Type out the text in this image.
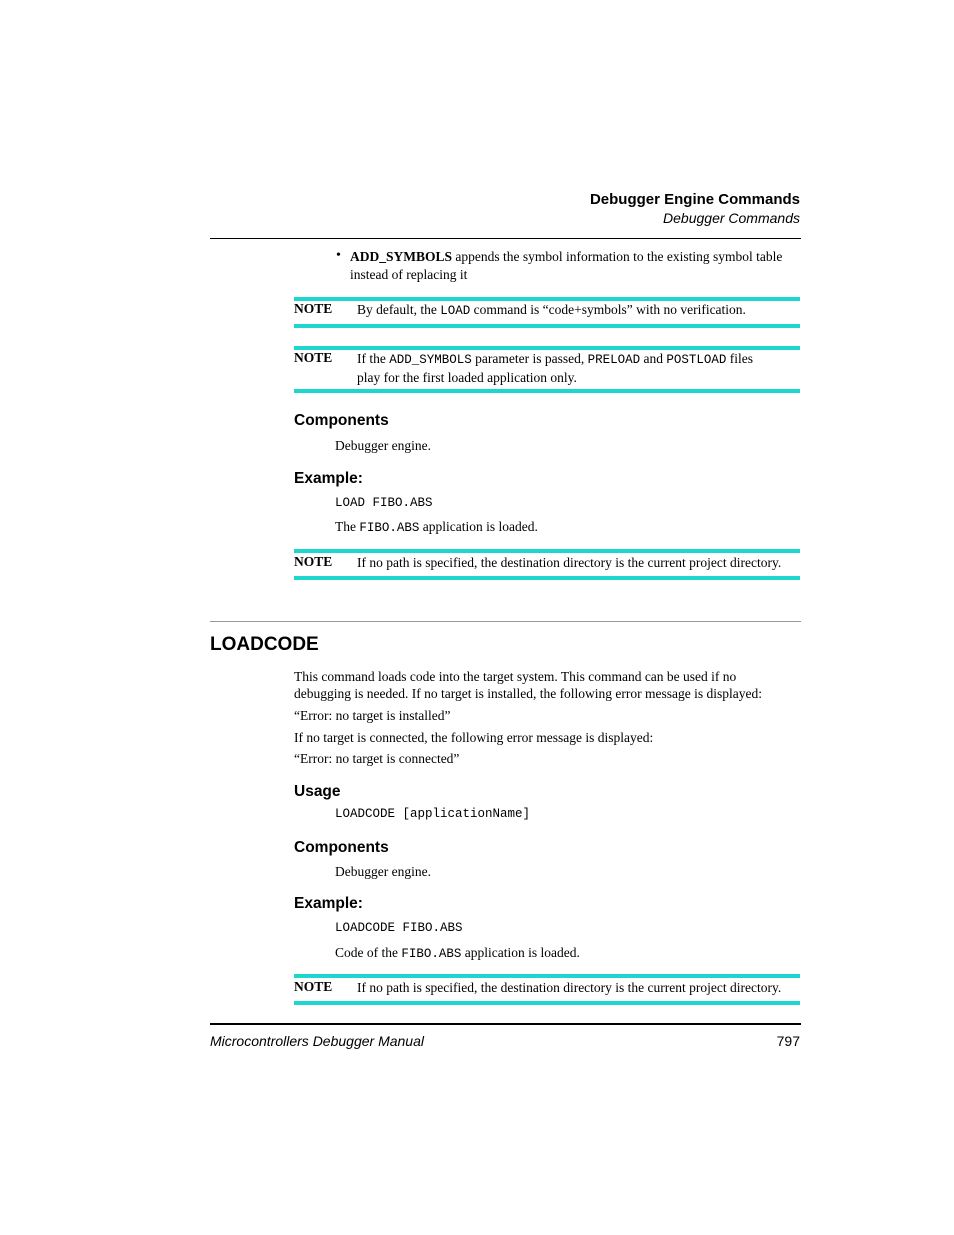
Debugger Engine Commands
Debugger Commands
• ADD_SYMBOLS appends the symbol information to the existing symbol table
instead of replacing it
NOTE By default, the LOAD command is “code+symbols” with no verification.
NOTE If the ADD_SYMBOLS parameter is passed, PRELOAD and POSTLOAD files
play for the first loaded application only.
Components
Debugger engine.
Example:
LOAD FIBO.ABS
The FIBO.ABS application is loaded.
NOTE If no path is specified, the destination directory is the current project directory.
LOADCODE
This command loads code into the target system. This command can be used if no
debugging is needed. If no target is installed, the following error message is displayed:
“Error: no target is installed”
If no target is connected, the following error message is displayed:
“Error: no target is connected”
Usage
LOADCODE [applicationName]
Components
Debugger engine.
Example:
LOADCODE FIBO.ABS
Code of the FIBO.ABS application is loaded.
NOTE If no path is specified, the destination directory is the current project directory.
Microcontrollers Debugger Manual	797
